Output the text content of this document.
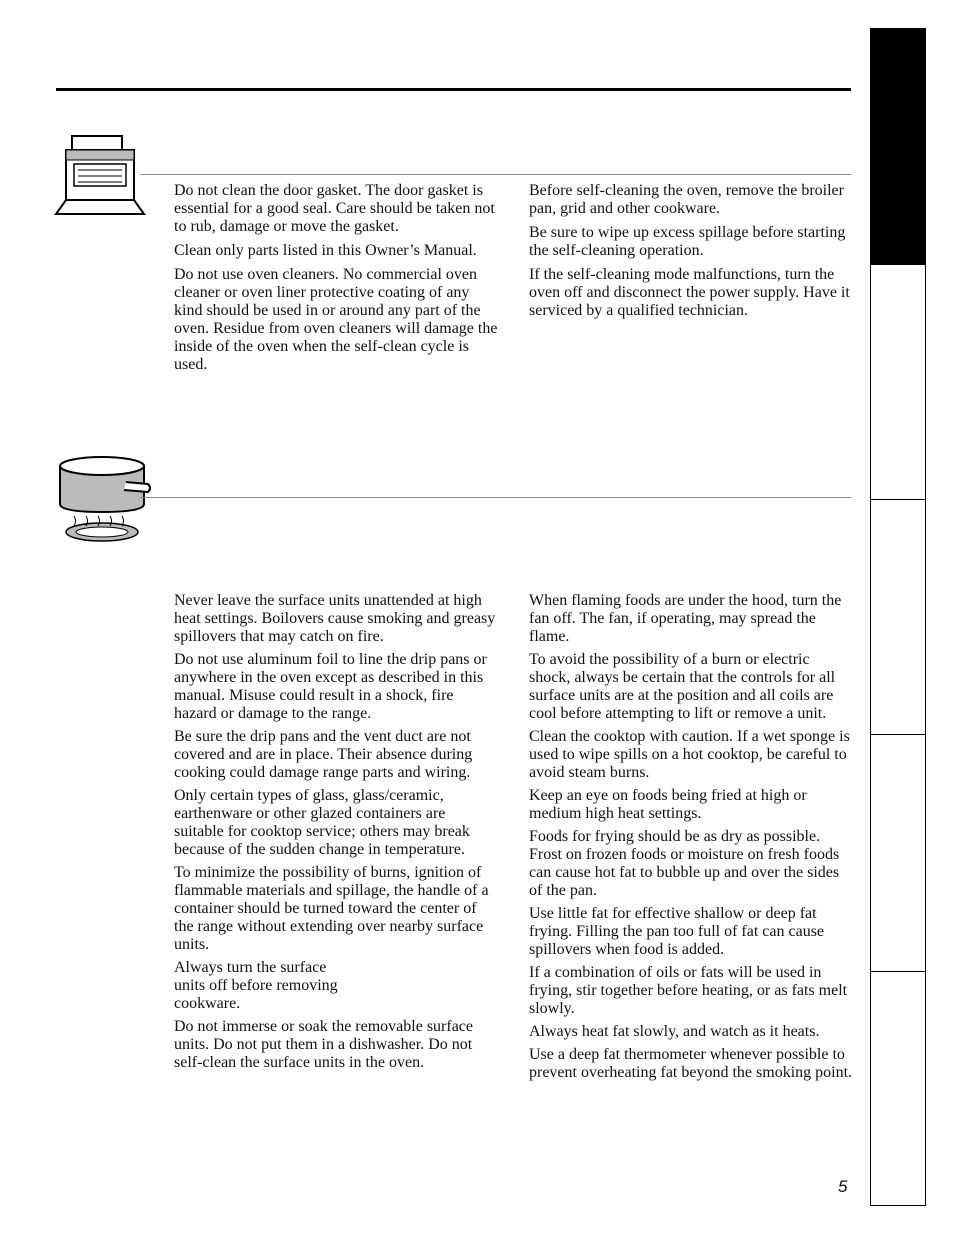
Do not clean the door gasket. The door gasket is essential for a good seal. Care should be taken not to rub, damage or move the gasket.

Clean only parts listed in this Owner’s Manual.

Do not use oven cleaners. No commercial oven cleaner or oven liner protective coating of any kind should be used in or around any part of the oven. Residue from oven cleaners will damage the inside of the oven when the self-clean cycle is used.

Before self-cleaning the oven, remove the broiler pan, grid and other cookware.

Be sure to wipe up excess spillage before starting the self-cleaning operation.

If the self-cleaning mode malfunctions, turn the oven off and disconnect the power supply. Have it serviced by a qualified technician.

Never leave the surface units unattended at high heat settings. Boilovers cause smoking and greasy spillovers that may catch on fire.

Do not use aluminum foil to line the drip pans or anywhere in the oven except as described in this manual. Misuse could result in a shock, fire hazard or damage to the range.

Be sure the drip pans and the vent duct are not covered and are in place. Their absence during cooking could damage range parts and wiring.

Only certain types of glass, glass/ceramic, earthenware or other glazed containers are suitable for cooktop service; others may break because of the sudden change in temperature.

To minimize the possibility of burns, ignition of flammable materials and spillage, the handle of a container should be turned toward the center of the range without extending over nearby surface units.

Always turn the surface units off before removing cookware.

Do not immerse or soak the removable surface units. Do not put them in a dishwasher. Do not self-clean the surface units in the oven.

When flaming foods are under the hood, turn the fan off. The fan, if operating, may spread the flame.

To avoid the possibility of a burn or electric shock, always be certain that the controls for all surface units are at the position and all coils are cool before attempting to lift or remove a unit.

Clean the cooktop with caution. If a wet sponge is used to wipe spills on a hot cooktop, be careful to avoid steam burns.

Keep an eye on foods being fried at high or medium high heat settings.

Foods for frying should be as dry as possible. Frost on frozen foods or moisture on fresh foods can cause hot fat to bubble up and over the sides of the pan.

Use little fat for effective shallow or deep fat frying. Filling the pan too full of fat can cause spillovers when food is added.

If a combination of oils or fats will be used in frying, stir together before heating, or as fats melt slowly.

Always heat fat slowly, and watch as it heats.

Use a deep fat thermometer whenever possible to prevent overheating fat beyond the smoking point.

5
